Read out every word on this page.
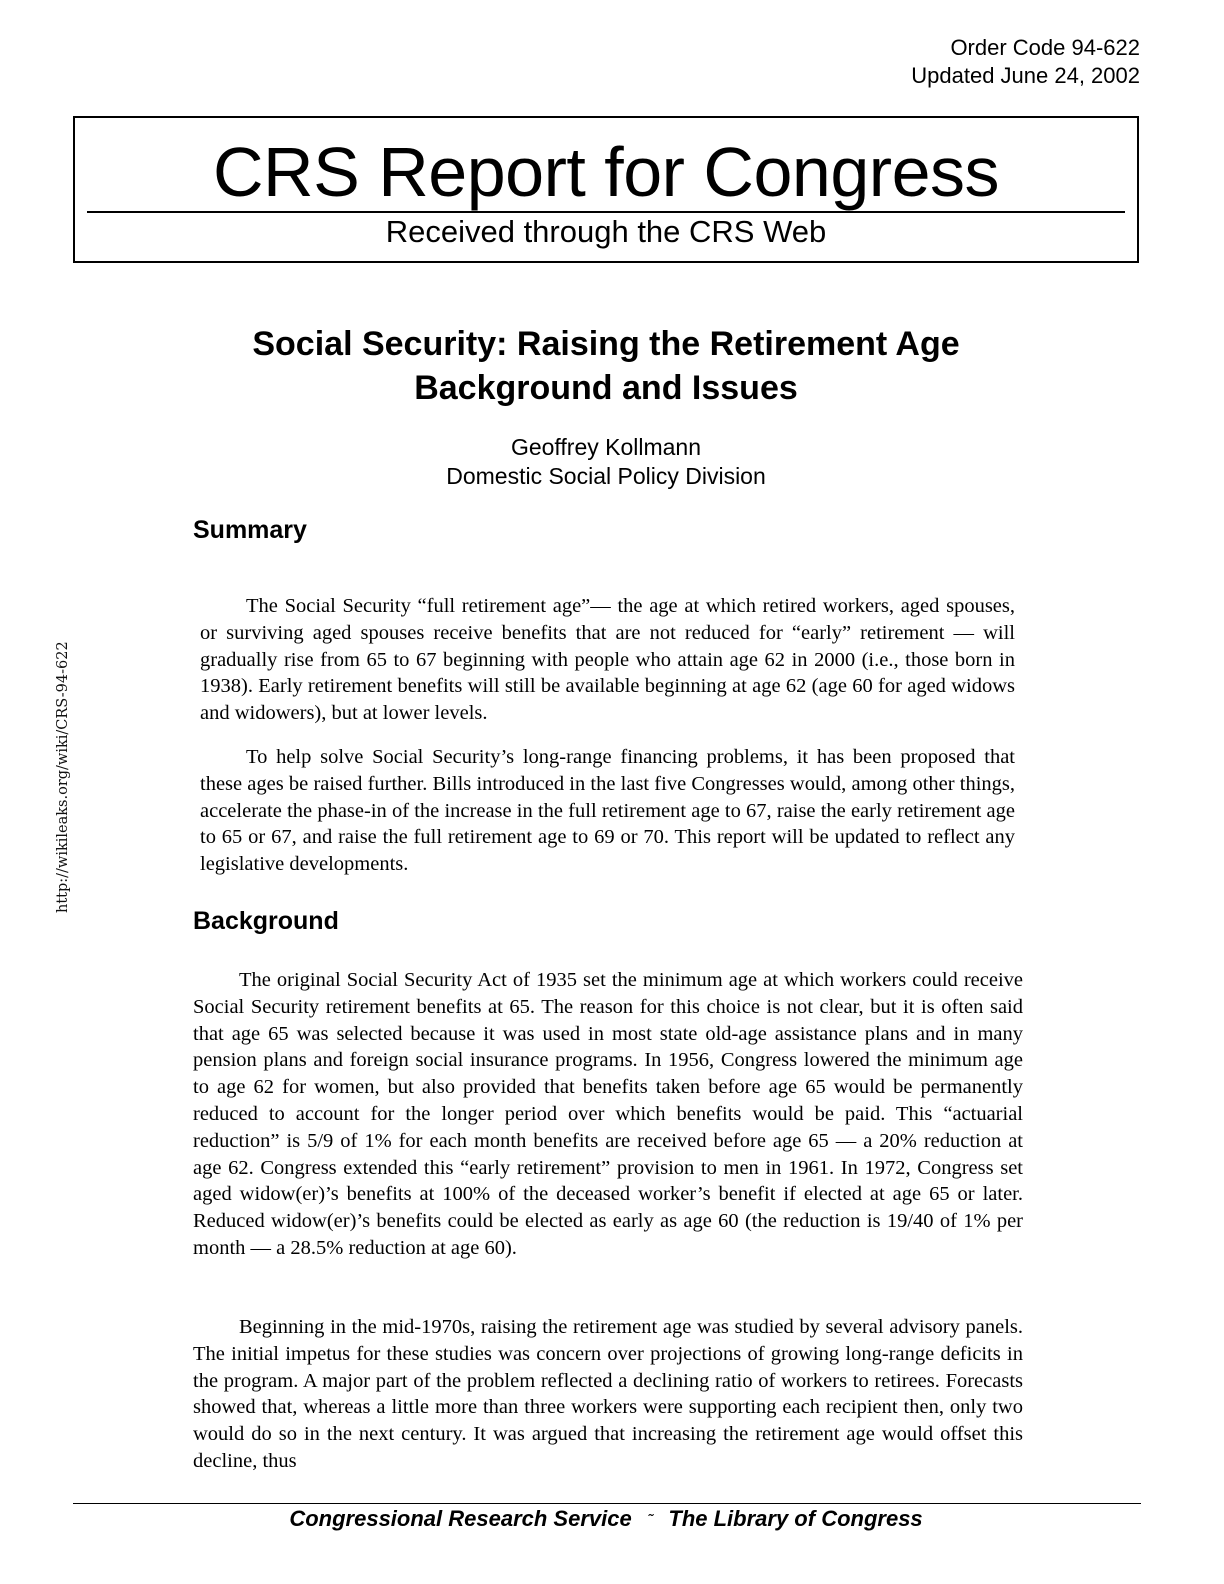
Order Code 94-622
Updated June 24, 2002
CRS Report for Congress
Received through the CRS Web
Social Security: Raising the Retirement Age
Background and Issues
Geoffrey Kollmann
Domestic Social Policy Division
http://wikileaks.org/wiki/CRS-94-622
Summary

The Social Security “full retirement age”— the age at which retired workers, aged spouses, or surviving aged spouses receive benefits that are not reduced for “early” retirement — will gradually rise from 65 to 67 beginning with people who attain age 62 in 2000 (i.e., those born in 1938). Early retirement benefits will still be available beginning at age 62 (age 60 for aged widows and widowers), but at lower levels.

To help solve Social Security’s long-range financing problems, it has been proposed that these ages be raised further. Bills introduced in the last five Congresses would, among other things, accelerate the phase-in of the increase in the full retirement age to 67, raise the early retirement age to 65 or 67, and raise the full retirement age to 69 or 70. This report will be updated to reflect any legislative developments.

Background

The original Social Security Act of 1935 set the minimum age at which workers could receive Social Security retirement benefits at 65. The reason for this choice is not clear, but it is often said that age 65 was selected because it was used in most state old-age assistance plans and in many pension plans and foreign social insurance programs. In 1956, Congress lowered the minimum age to age 62 for women, but also provided that benefits taken before age 65 would be permanently reduced to account for the longer period over which benefits would be paid. This “actuarial reduction” is 5/9 of 1% for each month benefits are received before age 65 — a 20% reduction at age 62. Congress extended this “early retirement” provision to men in 1961. In 1972, Congress set aged widow(er)’s benefits at 100% of the deceased worker’s benefit if elected at age 65 or later. Reduced widow(er)’s benefits could be elected as early as age 60 (the reduction is 19/40 of 1% per month — a 28.5% reduction at age 60).

Beginning in the mid-1970s, raising the retirement age was studied by several advisory panels. The initial impetus for these studies was concern over projections of growing long-range deficits in the program. A major part of the problem reflected a declining ratio of workers to retirees. Forecasts showed that, whereas a little more than three workers were supporting each recipient then, only two would do so in the next century. It was argued that increasing the retirement age would offset this decline, thus

Congressional Research Service ˜ The Library of Congress
